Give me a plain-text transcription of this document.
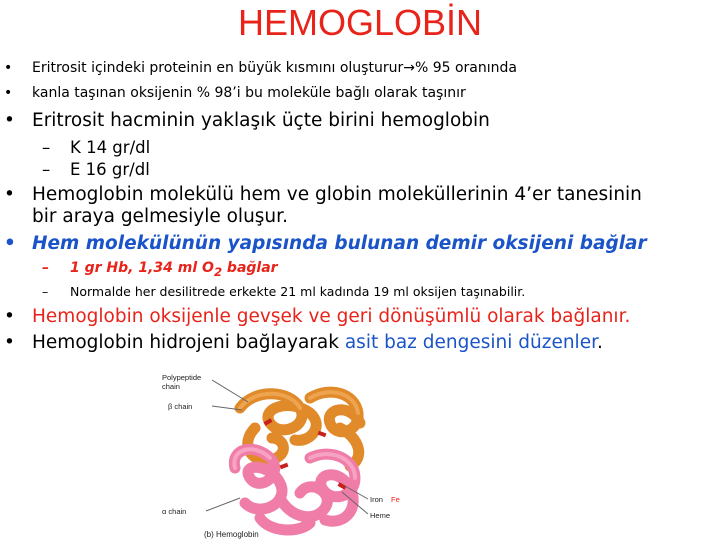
HEMOGLOBİN
• Eritrosit içindeki proteinin en büyük kısmını oluşturur→% 95 oranında
• kanla taşınan oksijenin % 98’i bu moleküle bağlı olarak taşınır
• Eritrosit hacminin yaklaşık üçte birini hemoglobin
– K 14 gr/dl
– E 16 gr/dl
• Hemoglobin molekülü hem ve globin moleküllerinin 4’er tanesinin
bir araya gelmesiyle oluşur.
• Hem molekülünün yapısında bulunan demir oksijeni bağlar
– 1 gr Hb, 1,34 ml $O_2$ bağlar
– Normalde her desilitrede erkekte 21 ml kadında 19 ml oksijen taşınabilir.
• Hemoglobin oksijenle gevşek ve geri dönüşümlü olarak bağlanır.
• Hemoglobin hidrojeni bağlayarak asit baz dengesini düzenler.
Polypeptide
chain
β chain
α chain
Iron Fe
Heme
(b) Hemoglobin
